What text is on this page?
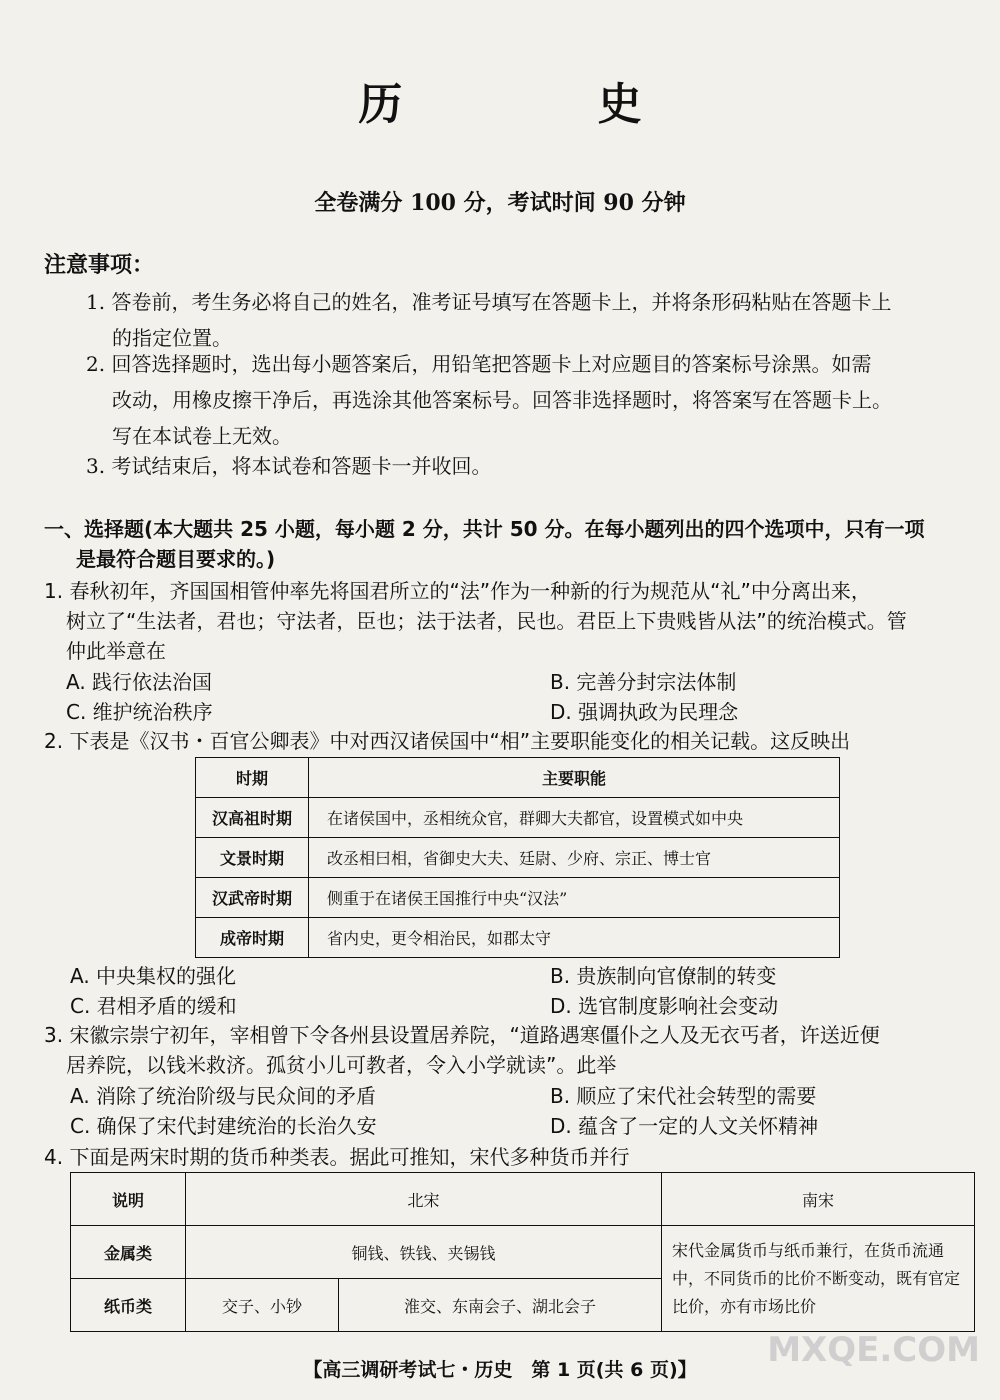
历 史
全卷满分 100 分，考试时间 90 分钟
注意事项：
1. 答卷前，考生务必将自己的姓名，准考证号填写在答题卡上，并将条形码粘贴在答题卡上
的指定位置。
2. 回答选择题时，选出每小题答案后，用铅笔把答题卡上对应题目的答案标号涂黑。如需
改动，用橡皮擦干净后，再选涂其他答案标号。回答非选择题时，将答案写在答题卡上。
写在本试卷上无效。
3. 考试结束后，将本试卷和答题卡一并收回。
一、选择题(本大题共 25 小题，每小题 2 分，共计 50 分。在每小题列出的四个选项中，只有一项
是最符合题目要求的。)
1. 春秋初年，齐国国相管仲率先将国君所立的“法”作为一种新的行为规范从“礼”中分离出来，
树立了“生法者，君也；守法者，臣也；法于法者，民也。君臣上下贵贱皆从法”的统治模式。管
仲此举意在
A. 践行依法治国	B. 完善分封宗法体制
C. 维护统治秩序	D. 强调执政为民理念
2. 下表是《汉书・百官公卿表》中对西汉诸侯国中“相”主要职能变化的相关记载。这反映出
时期	主要职能
汉高祖时期	在诸侯国中，丞相统众官，群卿大夫都官，设置模式如中央
文景时期	改丞相曰相，省御史大夫、廷尉、少府、宗正、博士官
汉武帝时期	侧重于在诸侯王国推行中央“汉法”
成帝时期	省内史，更令相治民，如郡太守
A. 中央集权的强化	B. 贵族制向官僚制的转变
C. 君相矛盾的缓和	D. 选官制度影响社会变动
3. 宋徽宗崇宁初年，宰相曾下令各州县设置居养院，“道路遇寒僵仆之人及无衣丐者，许送近便
居养院，以钱米救济。孤贫小儿可教者，令入小学就读”。此举
A. 消除了统治阶级与民众间的矛盾	B. 顺应了宋代社会转型的需要
C. 确保了宋代封建统治的长治久安	D. 蕴含了一定的人文关怀精神
4. 下面是两宋时期的货币种类表。据此可推知，宋代多种货币并行
说明	北宋		南宋
金属类	铜钱、铁钱、夹锡钱		宋代金属货币与纸币兼行，在货币流通中，不同货币的比价不断变动，既有官定比价，亦有市场比价
纸币类	交子、小钞	淮交、东南会子、湖北会子	
【高三调研考试七・历史　第 1 页(共 6 页)】	MXQE.COM
